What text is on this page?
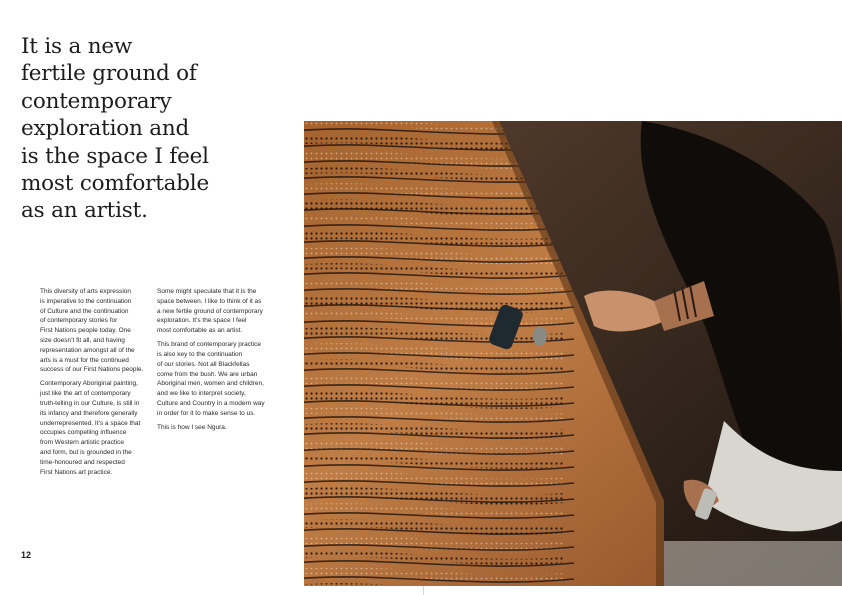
It is a new
fertile ground of
contemporary
exploration and
is the space I feel
most comfortable
as an artist.

This diversity of arts expression
is imperative to the continuation
of Culture and the continuation
of contemporary stories for
First Nations people today. One
size doesn’t fit all, and having
representation amongst all of the
arts is a must for the continued
success of our First Nations people.

Contemporary Aboriginal painting,
just like the art of contemporary
truth-telling in our Culture, is still in
its infancy and therefore generally
underrepresented. It’s a space that
occupies compelling influence
from Western artistic practice
and form, but is grounded in the
time-honoured and respected
First Nations art practice.

Some might speculate that it is the
space between. I like to think of it as
a new fertile ground of contemporary
exploration. It’s the space I feel
most comfortable as an artist.

This brand of contemporary practice
is also key to the continuation
of our stories. Not all Blackfellas
come from the bush. We are urban
Aboriginal men, women and children,
and we like to interpret society,
Culture and Country in a modern way
in order for it to make sense to us.

This is how I see Ngura.

12
